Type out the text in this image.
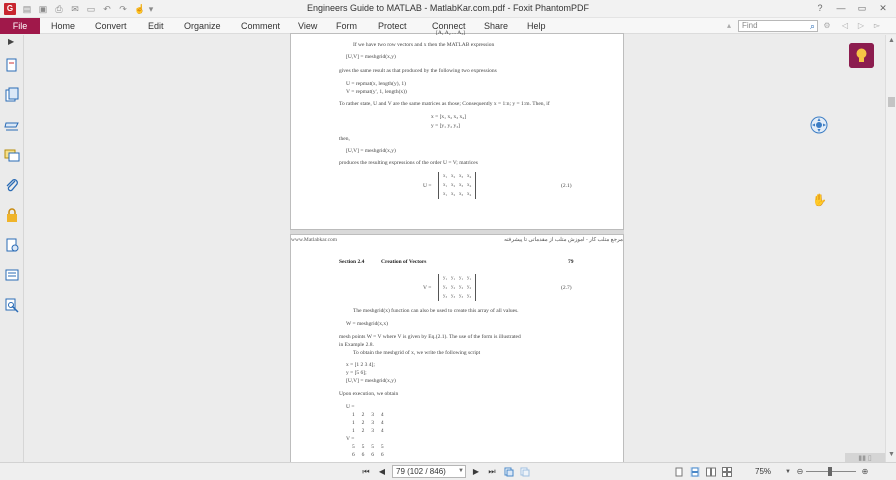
G	▤ ▣ ⎙ ✉ ▭ ↶ ↷ ☝ ▾	Engineers Guide to MATLAB - MatlabKar.com.pdf - Foxit PhantomPDF	?	—	▭	✕
File	Home Convert Edit Organize Comment View Form Protect	Connect Share Help	▴	Find	⌕ ⚙ ◁ ▷ ▻
▶
[A₁ A₂ ... A₃]
If we have two row vectors and x then the MATLAB expression
[U,V] = meshgrid(x,y)
gives the same result as that produced by the following two expressions
U = repmat(x, length(y), 1)
V = repmat(y', 1, length(x))
To rather state, U and V are the same matrices as those; Consequently x = 1:n; y = 1:m. Then, if
x = [x₁ x₂ x₃ x₄]
y = [y₁ y₂ y₃]
then,
[U,V] = meshgrid(x,y)
produces the resulting expressions of the order U = V; matrices
U =
x₁   x₂   x₃   x₄
x₁   x₂   x₃   x₄
x₁   x₂   x₃   x₄
(2.1)
www.Matlabkar.com	مرجع متلب کار - اموزش متلب از مقدماتی تا پیشرفته
Section 2.4	Creation of Vectors	79
V =
y₁   y₁   y₁   y₁
y₂   y₂   y₂   y₂
y₃   y₃   y₃   y₃
(2.7)
The meshgrid(x) function can also be used to create this array of all values.
W = meshgrid(x,x)
mesh points W = V where V is given by Eq.(2.1). The use of the form is illustrated
in Example 2.8.
To obtain the meshgrid of x, we write the following script
x = [1 2 3 4];
y = [5 6];
[U,V] = meshgrid(x,y)
Upon execution, we obtain
U =
1     2     3     4
1     2     3     4
1     2     3     4
V =
5     5     5     5
6     6     6     6
✋
▲
▼
▮▮ ▯
⏮ ◀	79 (102 / 846) ▼ ▶ ⏭	75%	▼ ⊖	⊕
